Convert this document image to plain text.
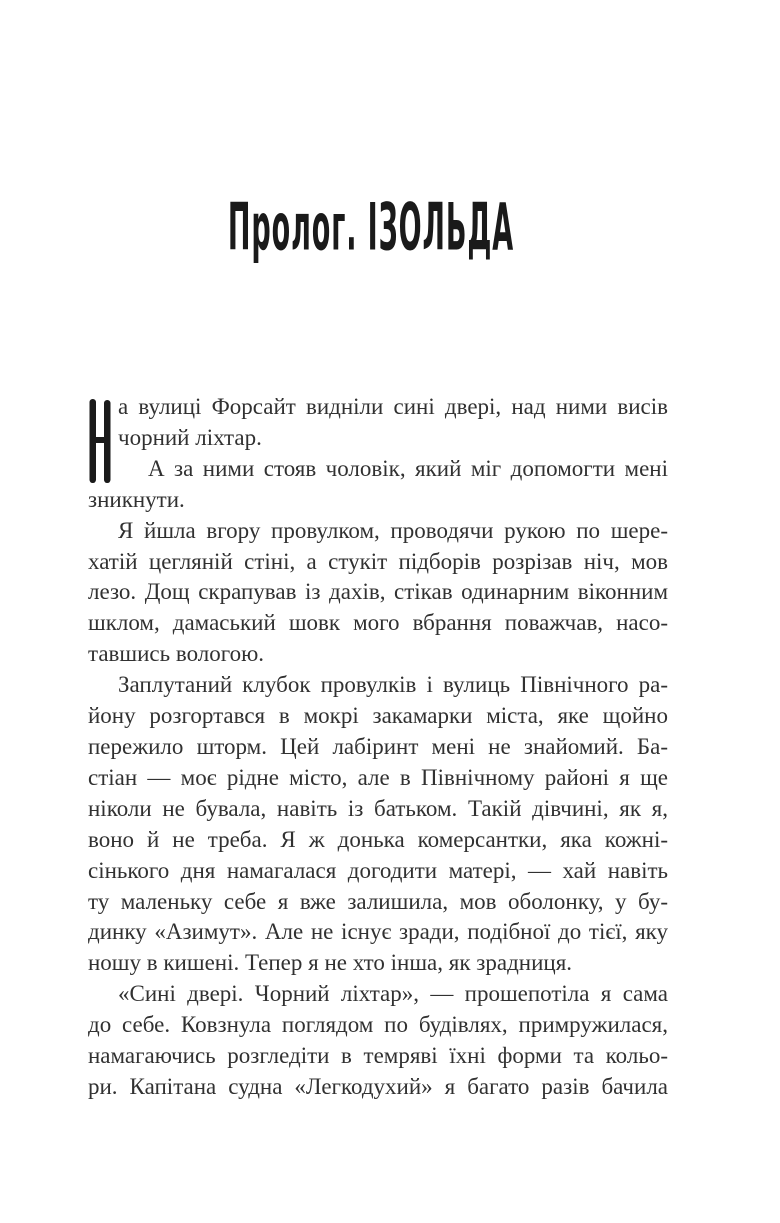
Пролог. ІЗОЛЬДА
а вулиці Форсайт видніли сині двері, над ними висів
чорний ліхтар.
А за ними стояв чоловік, який міг допомогти мені
зникнути.
Я йшла вгору провулком, проводячи рукою по шере-
хатій цегляній стіні, а стукіт підборів розрізав ніч, мов
лезо. Дощ скрапував із дахів, стікав одинарним віконним
шклом, дамаський шовк мого вбрання поважчав, насо-
тавшись вологою.
Заплутаний клубок провулків і вулиць Північного ра-
йону розгортався в мокрі закамарки міста, яке щойно
пережило шторм. Цей лабіринт мені не знайомий. Ба-
стіан — моє рідне місто, але в Північному районі я ще
ніколи не бувала, навіть із батьком. Такій дівчині, як я,
воно й не треба. Я ж донька комерсантки, яка кожні-
сінького дня намагалася догодити матері, — хай навіть
ту маленьку себе я вже залишила, мов оболонку, у бу-
динку «Азимут». Але не існує зради, подібної до тієї, яку
ношу в кишені. Тепер я не хто інша, як зрадниця.
«Сині двері. Чорний ліхтар», — прошепотіла я сама
до себе. Ковзнула поглядом по будівлях, примружилася,
намагаючись розгледіти в темряві їхні форми та кольо-
ри. Капітана судна «Легкодухий» я багато разів бачила
